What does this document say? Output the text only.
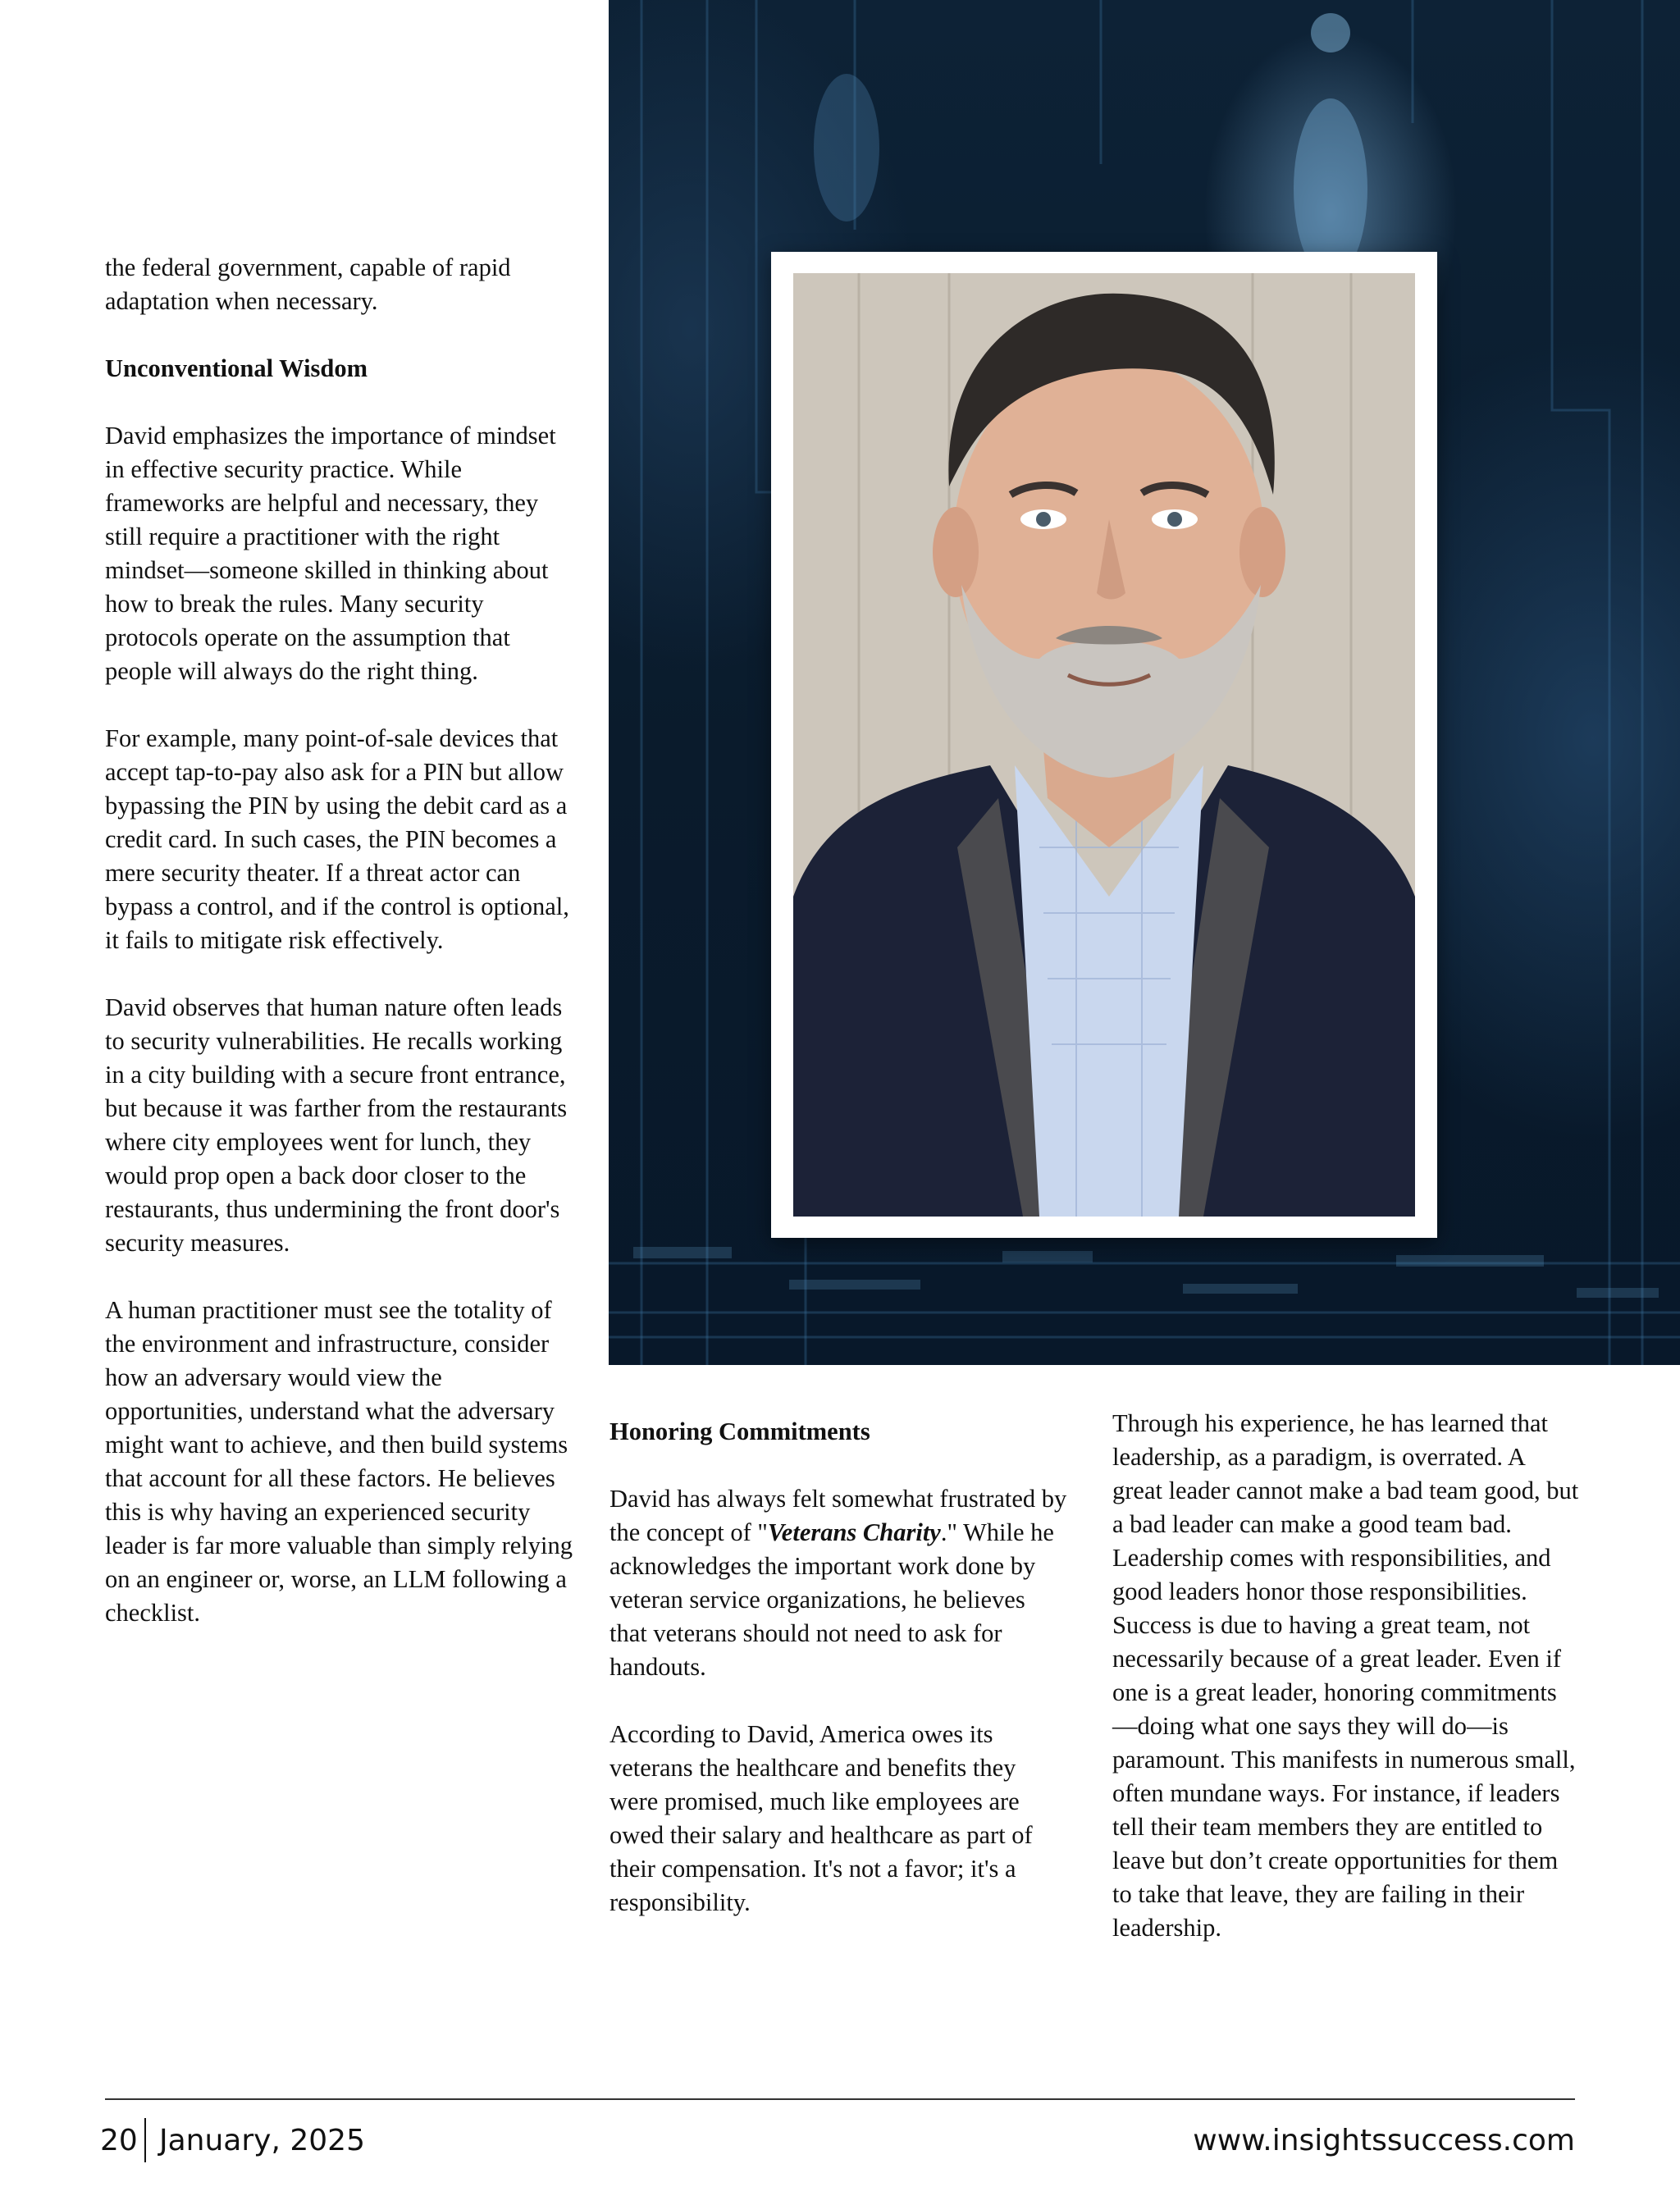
the federal government, capable of rapid adaptation when necessary.

Unconventional Wisdom

David emphasizes the importance of mindset in effective security practice. While frameworks are helpful and necessary, they still require a practitioner with the right mindset—someone skilled in thinking about how to break the rules. Many security protocols operate on the assumption that people will always do the right thing.

For example, many point-of-sale devices that accept tap-to-pay also ask for a PIN but allow bypassing the PIN by using the debit card as a credit card. In such cases, the PIN becomes a mere security theater. If a threat actor can bypass a control, and if the control is optional, it fails to mitigate risk effectively.

David observes that human nature often leads to security vulnerabilities. He recalls working in a city building with a secure front entrance, but because it was farther from the restaurants where city employees went for lunch, they would prop open a back door closer to the restaurants, thus undermining the front door's security measures.

A human practitioner must see the totality of the environment and infrastructure, consider how an adversary would view the opportunities, understand what the adversary might want to achieve, and then build systems that account for all these factors. He believes this is why having an experienced security leader is far more valuable than simply relying on an engineer or, worse, an LLM following a checklist.

Honoring Commitments

David has always felt somewhat frustrated by the concept of "Veterans Charity." While he acknowledges the important work done by veteran service organizations, he believes that veterans should not need to ask for handouts.

According to David, America owes its veterans the healthcare and benefits they were promised, much like employees are owed their salary and healthcare as part of their compensation. It's not a favor; it's a responsibility.

Through his experience, he has learned that leadership, as a paradigm, is overrated. A great leader cannot make a bad team good, but a bad leader can make a good team bad. Leadership comes with responsibilities, and good leaders honor those responsibilities. Success is due to having a great team, not necessarily because of a great leader. Even if one is a great leader, honoring commitments—doing what one says they will do—is paramount. This manifests in numerous small, often mundane ways. For instance, if leaders tell their team members they are entitled to leave but don’t create opportunities for them to take that leave, they are failing in their leadership.

20 January, 2025	www.insightssuccess.com
